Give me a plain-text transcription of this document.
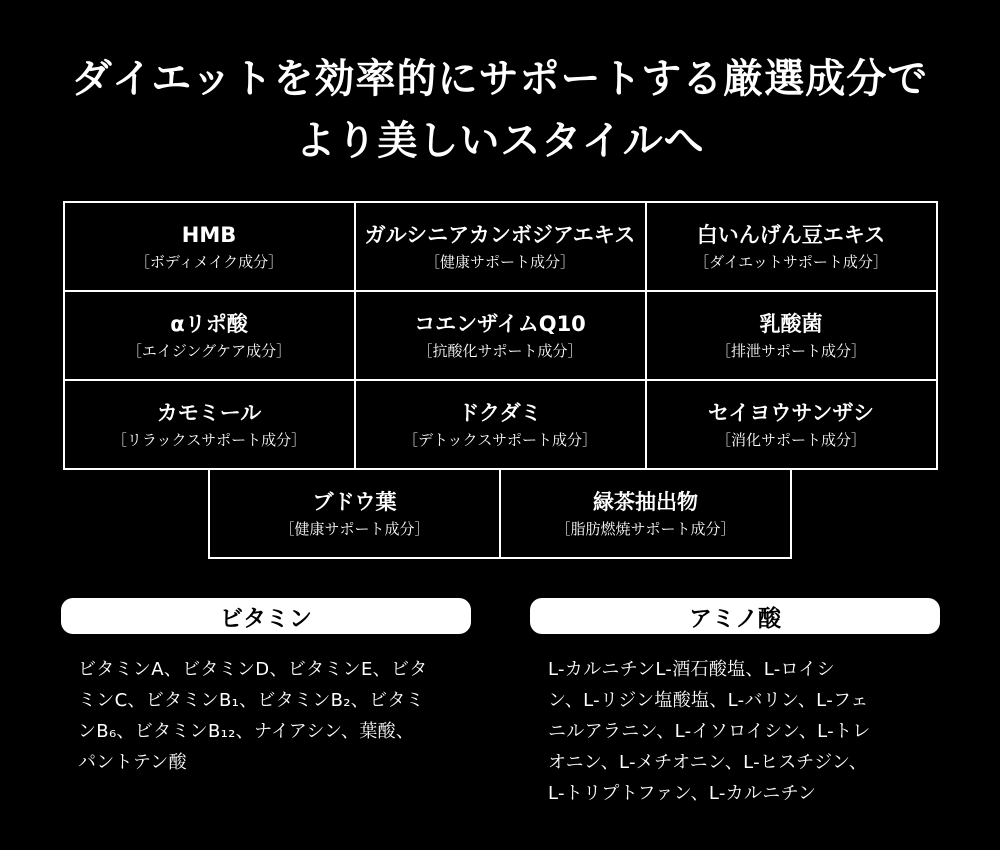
ダイエットを効率的にサポートする厳選成分で
より美しいスタイルへ
HMB
［ボディメイク成分］
ガルシニアカンボジアエキス
［健康サポート成分］
白いんげん豆エキス
［ダイエットサポート成分］
αリポ酸
［エイジングケア成分］
コエンザイムQ10
［抗酸化サポート成分］
乳酸菌
［排泄サポート成分］
カモミール
［リラックスサポート成分］
ドクダミ
［デトックスサポート成分］
セイヨウサンザシ
［消化サポート成分］
ブドウ葉
［健康サポート成分］
緑茶抽出物
［脂肪燃焼サポート成分］
ビタミン
ビタミンA、ビタミンD、ビタミンE、ビタ
ミンC、ビタミンB₁、ビタミンB₂、ビタミ
ンB₆、ビタミンB₁₂、ナイアシン、葉酸、
パントテン酸
アミノ酸
L-カルニチンL-酒石酸塩、L-ロイシ
ン、L-リジン塩酸塩、L-バリン、L-フェ
ニルアラニン、L-イソロイシン、L-トレ
オニン、L-メチオニン、L-ヒスチジン、
L-トリプトファン、L-カルニチン
